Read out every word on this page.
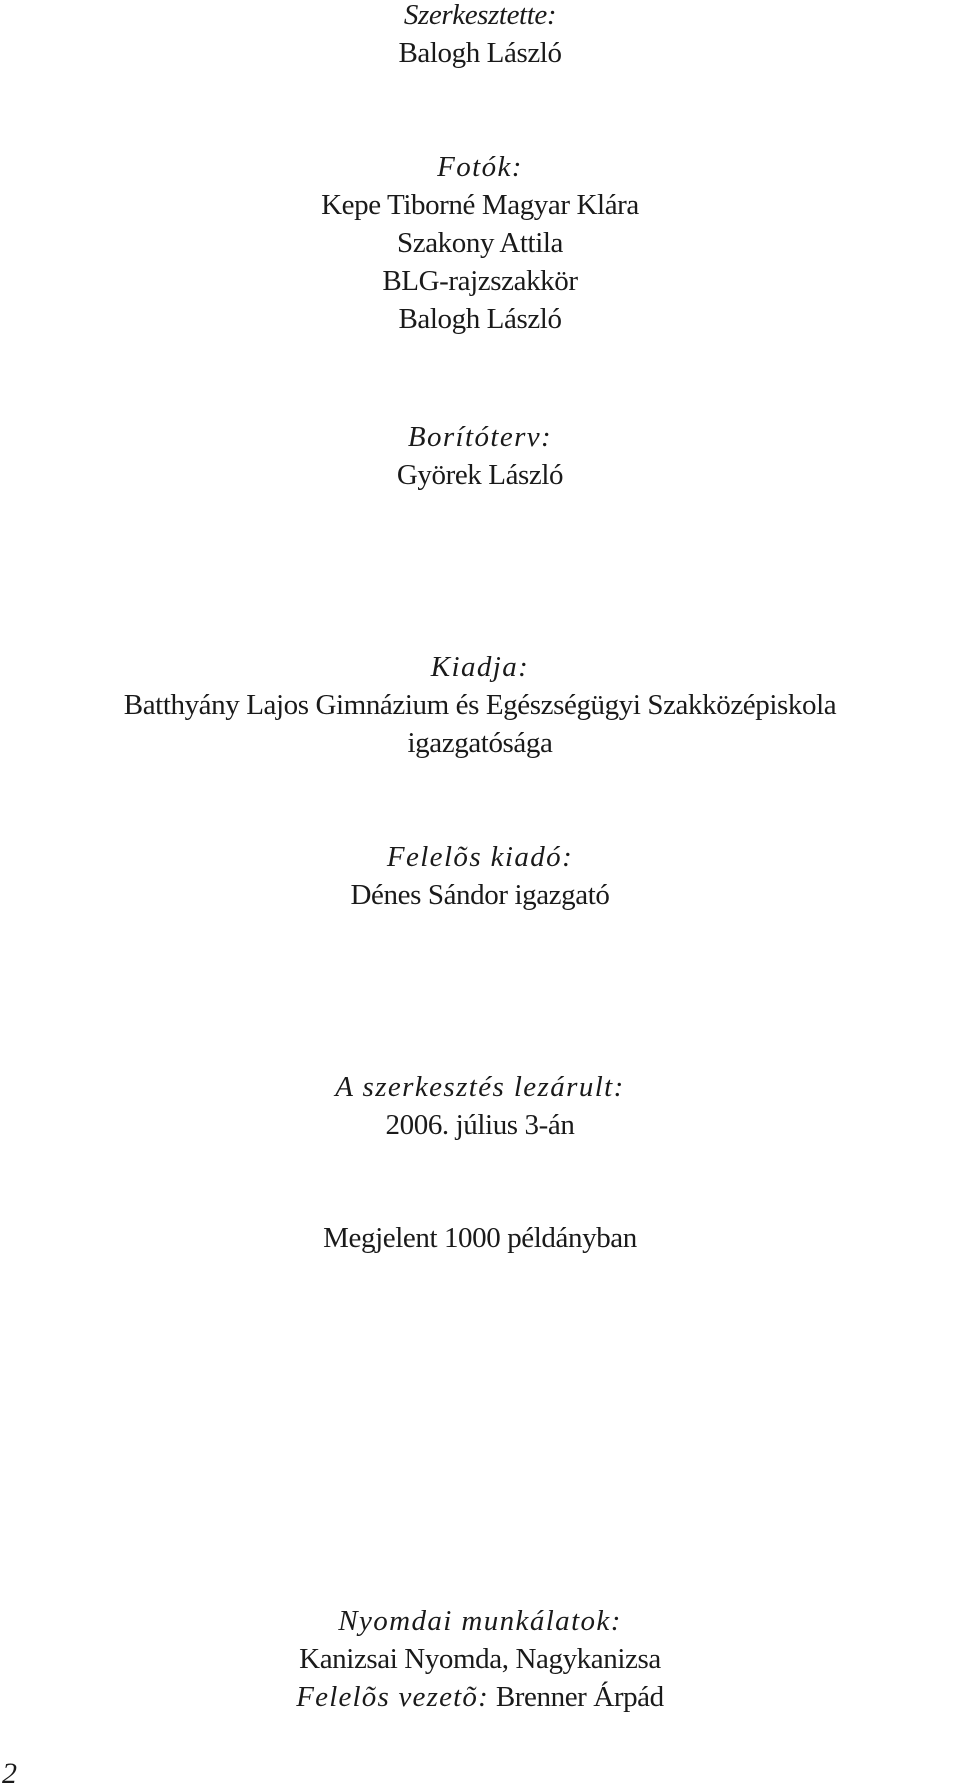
Szerkesztette:
Balogh László
Fotók:
Kepe Tiborné Magyar Klára
Szakony Attila
BLG-rajzszakkör
Balogh László
Borítóterv:
Györek László
Kiadja:
Batthyány Lajos Gimnázium és Egészségügyi Szakközépiskola
igazgatósága
Felelõs kiadó:
Dénes Sándor igazgató
A szerkesztés lezárult:
2006. július 3-án
Megjelent 1000 példányban
Nyomdai munkálatok:
Kanizsai Nyomda, Nagykanizsa
Felelõs vezetõ: Brenner Árpád
2
